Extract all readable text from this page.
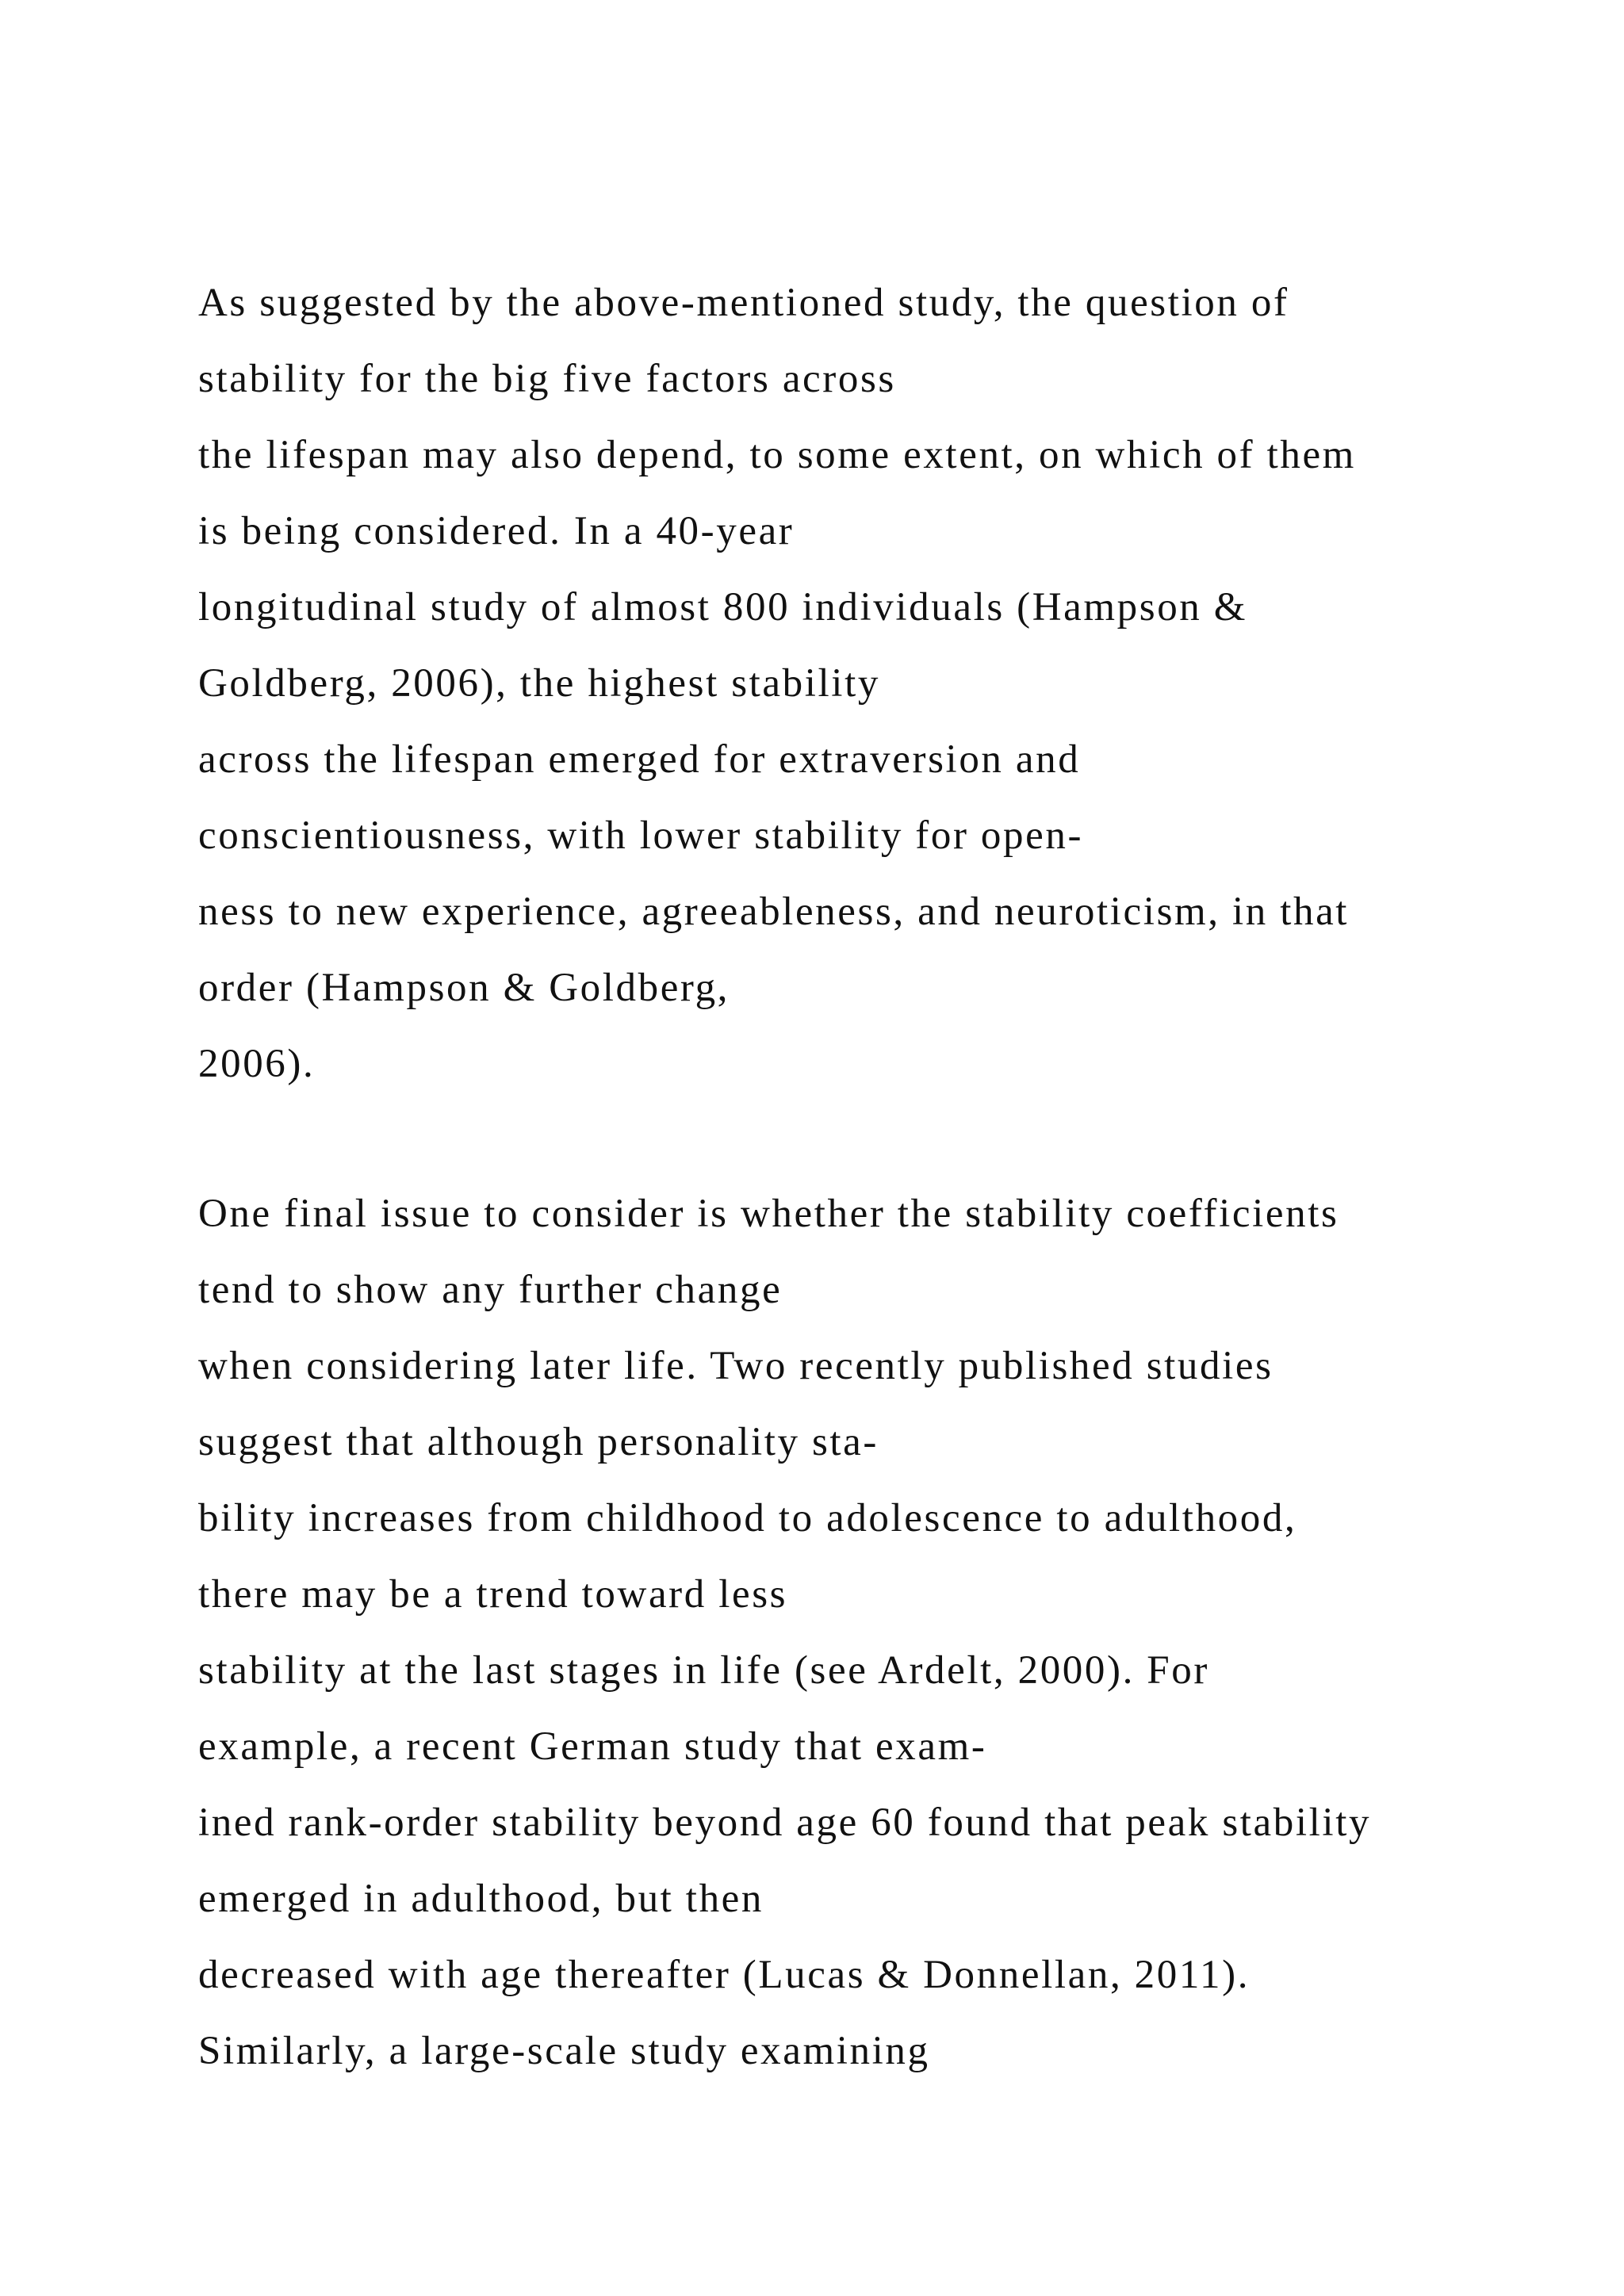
As suggested by the above-mentioned study, the question of
stability for the big five factors across
the lifespan may also depend, to some extent, on which of them
is being considered. In a 40-year
longitudinal study of almost 800 individuals (Hampson &
Goldberg, 2006), the highest stability
across the lifespan emerged for extraversion and
conscientiousness, with lower stability for open-
ness to new experience, agreeableness, and neuroticism, in that
order (Hampson & Goldberg,
2006).
One final issue to consider is whether the stability coefficients
tend to show any further change
when considering later life. Two recently published studies
suggest that although personality sta-
bility increases from childhood to adolescence to adulthood,
there may be a trend toward less
stability at the last stages in life (see Ardelt, 2000). For
example, a recent German study that exam-
ined rank-order stability beyond age 60 found that peak stability
emerged in adulthood, but then
decreased with age thereafter (Lucas & Donnellan, 2011).
Similarly, a large-scale study examining
